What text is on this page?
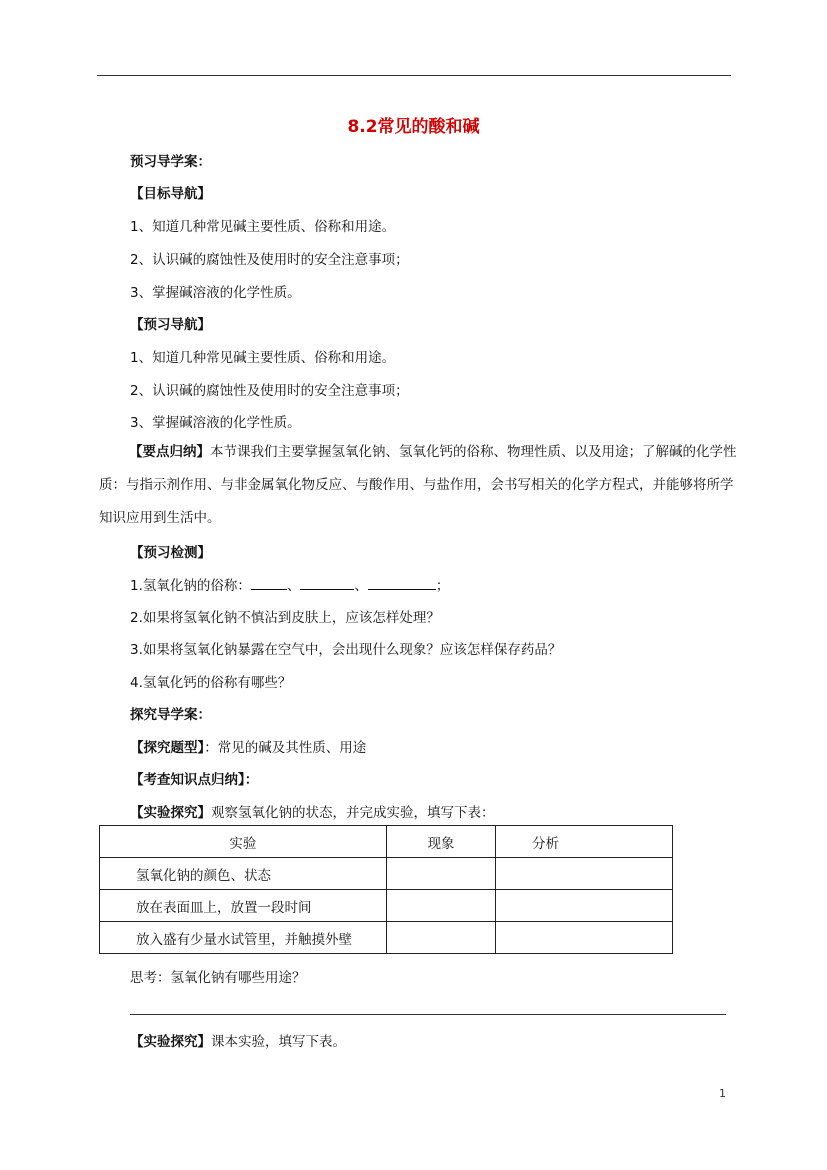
8.2常见的酸和碱
预习导学案：
【目标导航】
1、知道几种常见碱主要性质、俗称和用途。
2、认识碱的腐蚀性及使用时的安全注意事项；
3、掌握碱溶液的化学性质。
【预习导航】
1、知道几种常见碱主要性质、俗称和用途。
2、认识碱的腐蚀性及使用时的安全注意事项；
3、掌握碱溶液的化学性质。
【要点归纳】本节课我们主要掌握氢氧化钠、氢氧化钙的俗称、物理性质、以及用途；了解碱的化学性质：与指示剂作用、与非金属氧化物反应、与酸作用、与盐作用，会书写相关的化学方程式，并能够将所学知识应用到生活中。
【预习检测】
1.氢氧化钠的俗称：	、	、	；
2.如果将氢氧化钠不慎沾到皮肤上，应该怎样处理？
3.如果将氢氧化钠暴露在空气中，会出现什么现象？应该怎样保存药品？
4.氢氧化钙的俗称有哪些？
探究导学案：
【探究题型】：常见的碱及其性质、用途
【考查知识点归纳】：
【实验探究】观察氢氧化钠的状态，并完成实验，填写下表：
实验	现象	分析
氢氧化钠的颜色、状态		
放在表面皿上，放置一段时间		
放入盛有少量水试管里，并触摸外壁		
思考：氢氧化钠有哪些用途？
【实验探究】课本实验，填写下表。
1
